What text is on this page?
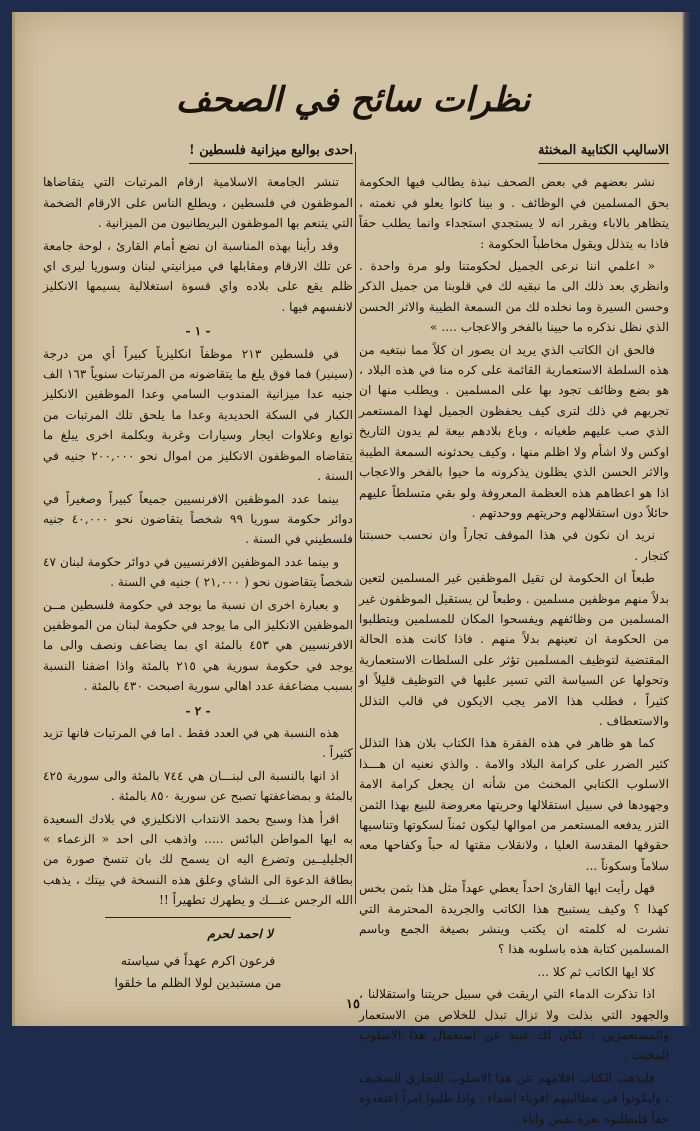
نظرات سائح في الصحف
الاساليب الكتابية المخنثة

نشر بعضهم في بعض الصحف نبذة يطالب فيها الحكومة بحق المسلمين في الوظائف . و بينا كانوا يعلو في نغمته ، يتظاهر بالاباء ويقرر انه لا يستجدي استجداء وانما يطلب حقاً فاذا به يتذلل ويقول مخاطباً الحكومة :

« اعلمي اننا نرعى الجميل لحكومتنا ولو مرة واحدة . وانظري بعد ذلك الى ما نبقيه لك في قلوبنا من جميل الذكر وحسن السيرة وما نخلده لك من السمعة الطيبة والاثر الحسن الذي نظل نذكره ما حيينا بالفخر والاعجاب .... »

فالحق ان الكاتب الذي يريد ان يصور ان كلاً مما نبتغيه من هذه السلطة الاستعمارية القائمة على كره منا في هذه البلاد ، هو بضع وظائف تجود بها على المسلمين . ويطلب منها ان تجربهم في ذلك لترى كيف يحفظون الجميل لهذا المستعمر الذي صب عليهم طغيانه ، وباع بلادهم بيعة لم يدون التاريخ اوكس ولا اشأم ولا اظلم منها ، وكيف يحدثونه السمعة الطيبة والاثر الحسن الذي يظلون يذكرونه ما حيوا بالفخر والاعجاب اذا هو اعطاهم هذه العظمة المعروفة ولو بقي متسلطاً عليهم حائلاً دون استقلالهم وحريتهم ووحدتهم .

نريد ان نكون في هذا الموقف تجاراً وان نحسب حسبتنا كتجار .

طبعاً ان الحكومة لن تقيل الموظفين غير المسلمين لتعين بدلاً منهم موظفين مسلمين . وطبعاً لن يستقيل الموظفون غير المسلمين من وظائفهم ويفسحوا المكان للمسلمين ويتطلبوا من الحكومة ان تعينهم بدلاً منهم . فاذا كانت هذه الحالة المقتضية لتوظيف المسلمين تؤثر على السلطات الاستعمارية وتحولها عن السياسة التي تسير عليها في التوظيف قليلاً او كثيراً ، فطلب هذا الامر يجب الايكون في قالب التذلل والاستعطاف .

كما هو ظاهر في هذه الفقرة هذا الكتاب بلان هذا التذلل كثير الضرر على كرامة البلاد والامة . والذي نعنيه ان هـــذا الاسلوب الكتابي المخنث من شأنه ان يجعل كرامة الامة وجهودها في سبيل استقلالها وحريتها معروضة للبيع بهذا الثمن التزر يدفعه المستعمر من اموالها ليكون ثمناً لسكوتها وتناسيها حقوقها المقدسة العليا ، ولانقلاب مقتها له حباً وكفاحها معه سلاماً وسكوناً ...

فهل رأيت ايها القارئ احداً يعطي عهداً مثل هذا بثمن بخس كهذا ؟ وكيف يستبيح هذا الكاتب والجريدة المحترمة التي نشرت له كلمته ان يكتب وينشر بصيغة الجمع وباسم المسلمين كتابة هذه باسلوبه هذا ؟

كلا ايها الكاتب ثم كلا ...

اذا تذكرت الدماء التي اريقت في سبيل حريتنا واستقلالنا ، والجهود التي بذلت ولا تزال تبذل للخلاص من الاستعمار والمستعمرين ، لكان لك غنية عن استعمال هذا الاسلوب المخنث .

فليذهب الكتاب اقلامهم عن هذا الاسلوب التجاري السخيف ، وليكونوا في مطاليبهم اقوياء اشداء . واذا طلبوا امراً اعتقدوه حقاً فليطلبوه بعزة نفس واباء .

احدى بواليع ميزانية فلسطين !

تنشر الجامعة الاسلامية ارقام المرتبات التي يتقاضاها الموظفون في فلسطين ، ويطلع الناس على الارقام الضخمة التي يتنعم بها الموظفون البريطانيون من الميزانية .

وقد رأينا بهذه المناسبة ان نضع أمام القارئ ، لوحة جامعة عن تلك الارقام ومقابلها في ميزانيتي لبنان وسوريا ليرى اي ظلم يقع على بلاده واي قسوة استغلالية يسيمها الانكليز لانفسهم فيها .

- ١ -

في فلسطين ٢١٣ موظفاً انكليزياً كبيراً أي من درجة (سينير) فما فوق يلغ ما يتقاضونه من المرتبات سنوياً ١٦٣ الف جنيه عدا ميزانية المندوب السامي وعدا الموظفين الانكليز الكبار في السكة الحديدية وعدا ما يلحق تلك المرتبات من توابع وعلاوات ايجار وسيارات وغربة وبكلمة اخرى يبلغ ما يتقاضاه الموظفون الانكليز من اموال نحو ٢٠٠,٠٠٠ جنيه في السنة .

بينما عدد الموظفين الافرنسيين جميعاً كبيراً وصغيراً في دوائر حكومة سوريا ٩٩ شخصاً يتقاضون نحو ٤٠,٠٠٠ جنيه فلسطيني في السنة .

و بينما عدد الموظفين الافرنسيين في دوائر حكومة لبنان ٤٧ شخصاً يتقاضون نحو ( ٢١,٠٠٠ ) جنيه في السنة .

و بعبارة اخرى ان نسبة ما يوجد في حكومة فلسطين مــن الموظفين الانكليز الى ما يوجد في حكومة لبنان من الموظفين الافرنسيين هي ٤٥٣ بالمئة اي بما يضاعف ونصف والى ما يوجد في حكومة سورية هي ٢١٥ بالمئة واذا اضفنا النسبة بسبب مضاعفة عدد اهالي سورية اصبحت ٤٣٠ بالمئة .

- ٢ -

هذه النسبة هي في العدد فقط . اما في المرتبات فانها تزيد كثيراً .

اذ انها بالنسبة الى لبنـــان هي ٧٤٤ بالمئة والى سورية ٤٢٥ بالمئة و بمضاعفتها تصبح عن سورية ٨٥٠ بالمئة .

اقرأ هذا وسبح بحمد الانتداب الانكليزي في بلادك السعيدة به ايها المواطن البائس ..... واذهب الى احد « الزعماء » الجليليــين وتضرع اليه ان يسمح لك بان تنسخ صورة من بطاقة الدعوة الى الشاي وعلق هذه النسخة في بيتك ، يذهب الله الرجس عنـــك و يطهرك تطهيراً !!

لا احمد لحرم
فرعون اكرم عهداً في سياسته
من مستبدين لولا الظلم ما خلقوا
١٥
